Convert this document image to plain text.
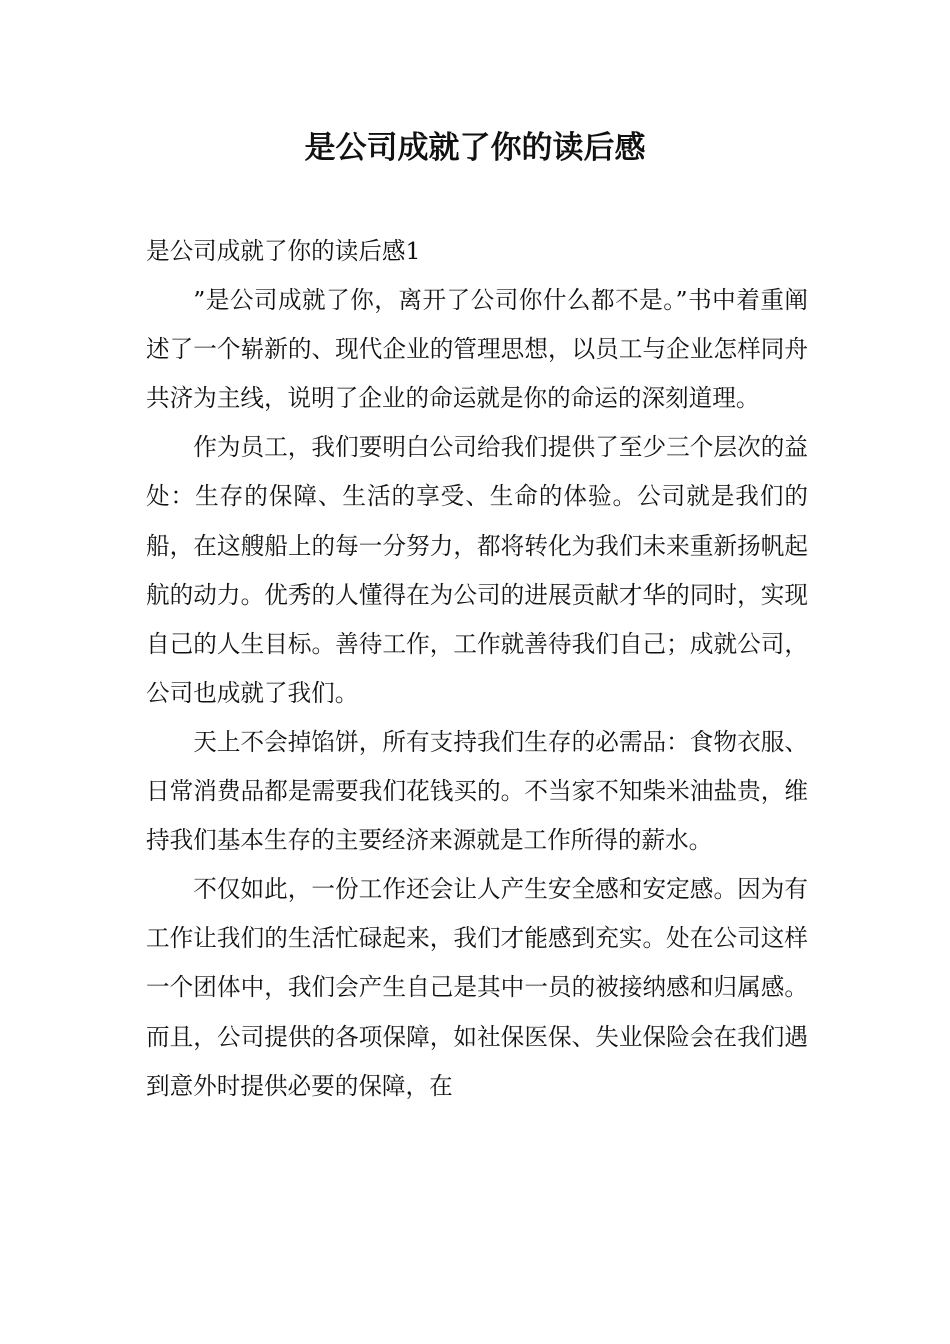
是公司成就了你的读后感
是公司成就了你的读后感1

”是公司成就了你，离开了公司你什么都不是。”书中着重阐述了一个崭新的、现代企业的管理思想，以员工与企业怎样同舟共济为主线，说明了企业的命运就是你的命运的深刻道理。

作为员工，我们要明白公司给我们提供了至少三个层次的益处：生存的保障、生活的享受、生命的体验。公司就是我们的船，在这艘船上的每一分努力，都将转化为我们未来重新扬帆起航的动力。优秀的人懂得在为公司的进展贡献才华的同时，实现自己的人生目标。善待工作，工作就善待我们自己；成就公司，公司也成就了我们。

天上不会掉馅饼，所有支持我们生存的必需品：食物衣服、日常消费品都是需要我们花钱买的。不当家不知柴米油盐贵，维持我们基本生存的主要经济来源就是工作所得的薪水。

不仅如此，一份工作还会让人产生安全感和安定感。因为有工作让我们的生活忙碌起来，我们才能感到充实。处在公司这样一个团体中，我们会产生自己是其中一员的被接纳感和归属感。而且，公司提供的各项保障，如社保医保、失业保险会在我们遇到意外时提供必要的保障，在
